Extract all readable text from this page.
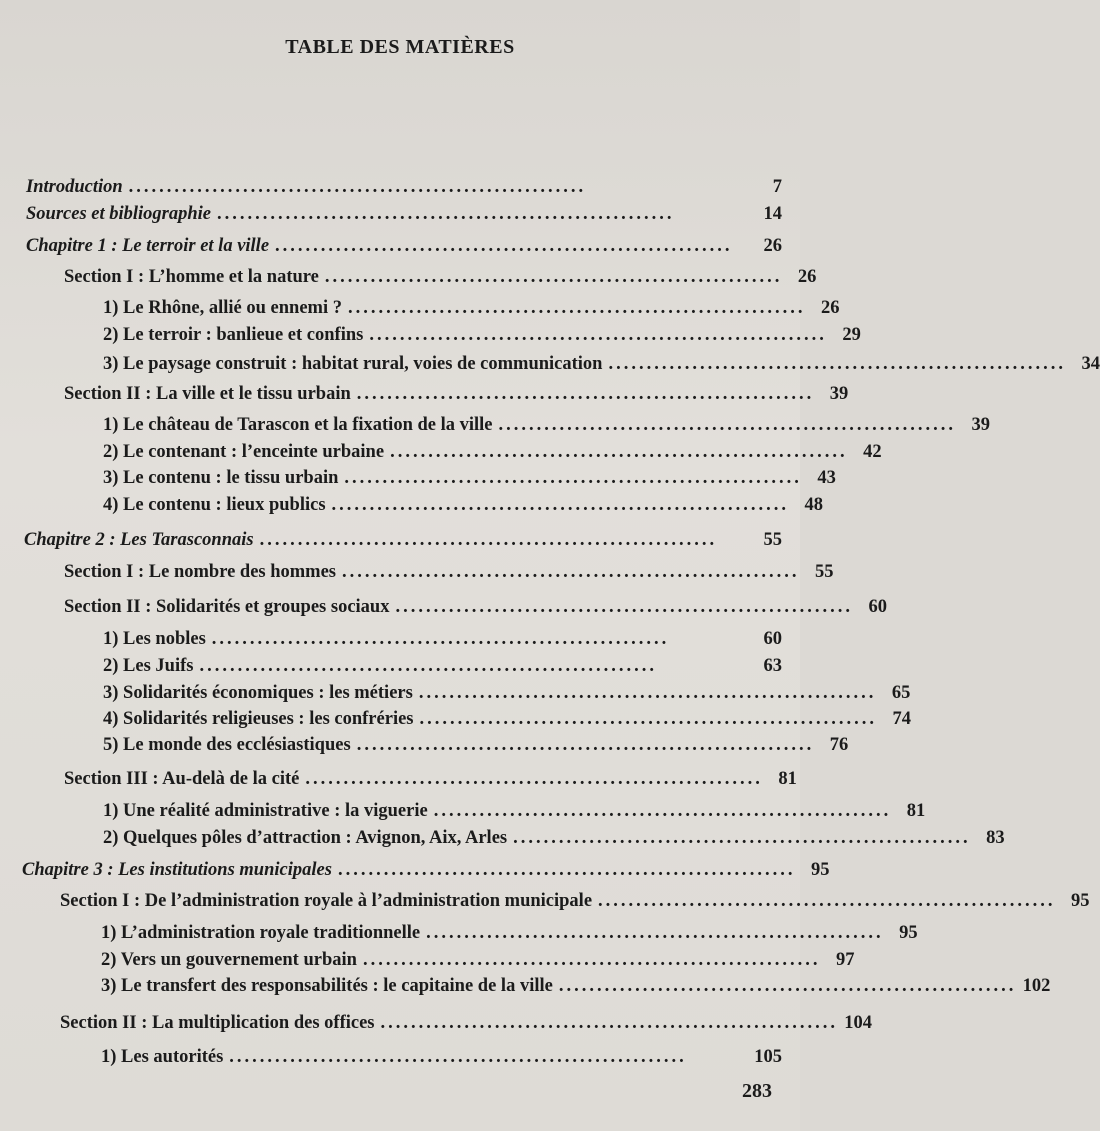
TABLE DES MATIÈRES
Introduction ............................................................	7
Sources et bibliographie ............................................................	14
Chapitre 1 : Le terroir et la ville ............................................................	26
Section I : L’homme et la nature ............................................................ 26
1) Le Rhône, allié ou ennemi ? ............................................................ 26
2) Le terroir : banlieue et confins ............................................................ 29
3) Le paysage construit : habitat rural, voies de communication ............................................................ 34
Section II : La ville et le tissu urbain ............................................................ 39
1) Le château de Tarascon et la fixation de la ville ............................................................ 39
2) Le contenant : l’enceinte urbaine ............................................................ 42
3) Le contenu : le tissu urbain ............................................................ 43
4) Le contenu : lieux publics ............................................................ 48
Chapitre 2 : Les Tarasconnais ............................................................	55
Section I : Le nombre des hommes ............................................................ 55
Section II : Solidarités et groupes sociaux ............................................................ 60
1) Les nobles ............................................................	60
2) Les Juifs ............................................................	63
3) Solidarités économiques : les métiers ............................................................ 65
4) Solidarités religieuses : les confréries ............................................................ 74
5) Le monde des ecclésiastiques ............................................................ 76
Section III : Au-delà de la cité ............................................................ 81
1) Une réalité administrative : la viguerie ............................................................ 81
2) Quelques pôles d’attraction : Avignon, Aix, Arles ............................................................ 83
Chapitre 3 : Les institutions municipales ............................................................ 95
Section I : De l’administration royale à l’administration municipale ............................................................ 95
1) L’administration royale traditionnelle ............................................................ 95
2) Vers un gouvernement urbain ............................................................ 97
3) Le transfert des responsabilités : le capitaine de la ville ............................................................ 102
Section II : La multiplication des offices ............................................................ 104
1) Les autorités ............................................................	105
283
